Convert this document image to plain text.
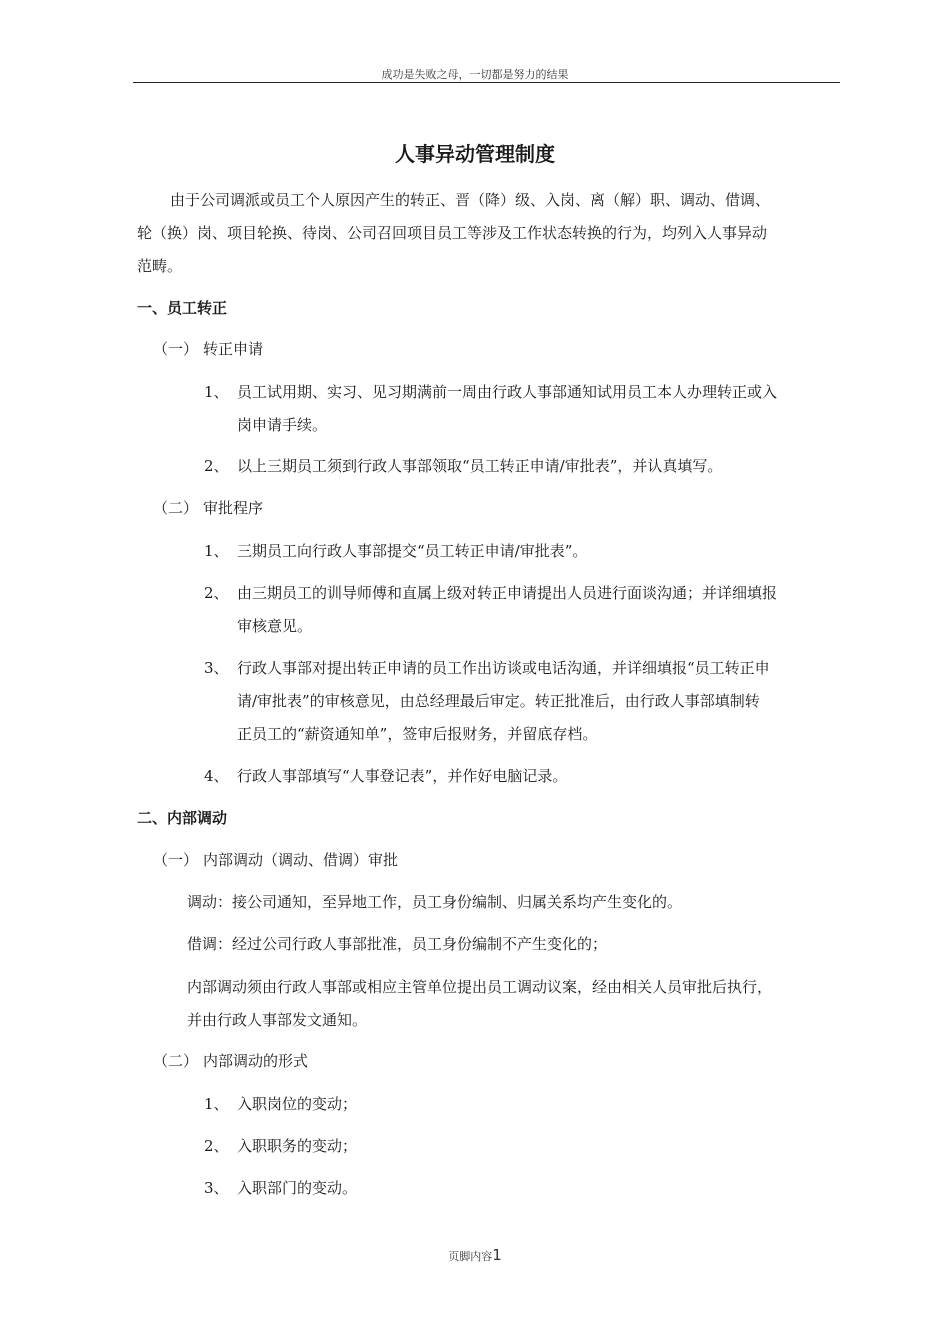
成功是失败之母，一切都是努力的结果
人事异动管理制度
由于公司调派或员工个人原因产生的转正、晋（降）级、入岗、离（解）职、调动、借调、
轮（换）岗、项目轮换、待岗、公司召回项目员工等涉及工作状态转换的行为，均列入人事异动
范畴。
一、员工转正
（一） 转正申请
1、 员工试用期、实习、见习期满前一周由行政人事部通知试用员工本人办理转正或入
岗申请手续。
2、 以上三期员工须到行政人事部领取“员工转正申请/审批表”，并认真填写。
（二） 审批程序
1、 三期员工向行政人事部提交“员工转正申请/审批表”。
2、 由三期员工的训导师傅和直属上级对转正申请提出人员进行面谈沟通；并详细填报
审核意见。
3、 行政人事部对提出转正申请的员工作出访谈或电话沟通，并详细填报“员工转正申
请/审批表”的审核意见，由总经理最后审定。转正批准后，由行政人事部填制转
正员工的“薪资通知单”，签审后报财务，并留底存档。
4、 行政人事部填写“人事登记表”，并作好电脑记录。
二、内部调动
（一） 内部调动（调动、借调）审批
调动：接公司通知，至异地工作，员工身份编制、归属关系均产生变化的。
借调：经过公司行政人事部批准，员工身份编制不产生变化的；
内部调动须由行政人事部或相应主管单位提出员工调动议案，经由相关人员审批后执行，
并由行政人事部发文通知。
（二） 内部调动的形式
1、 入职岗位的变动；
2、 入职职务的变动；
3、 入职部门的变动。
页脚内容1
